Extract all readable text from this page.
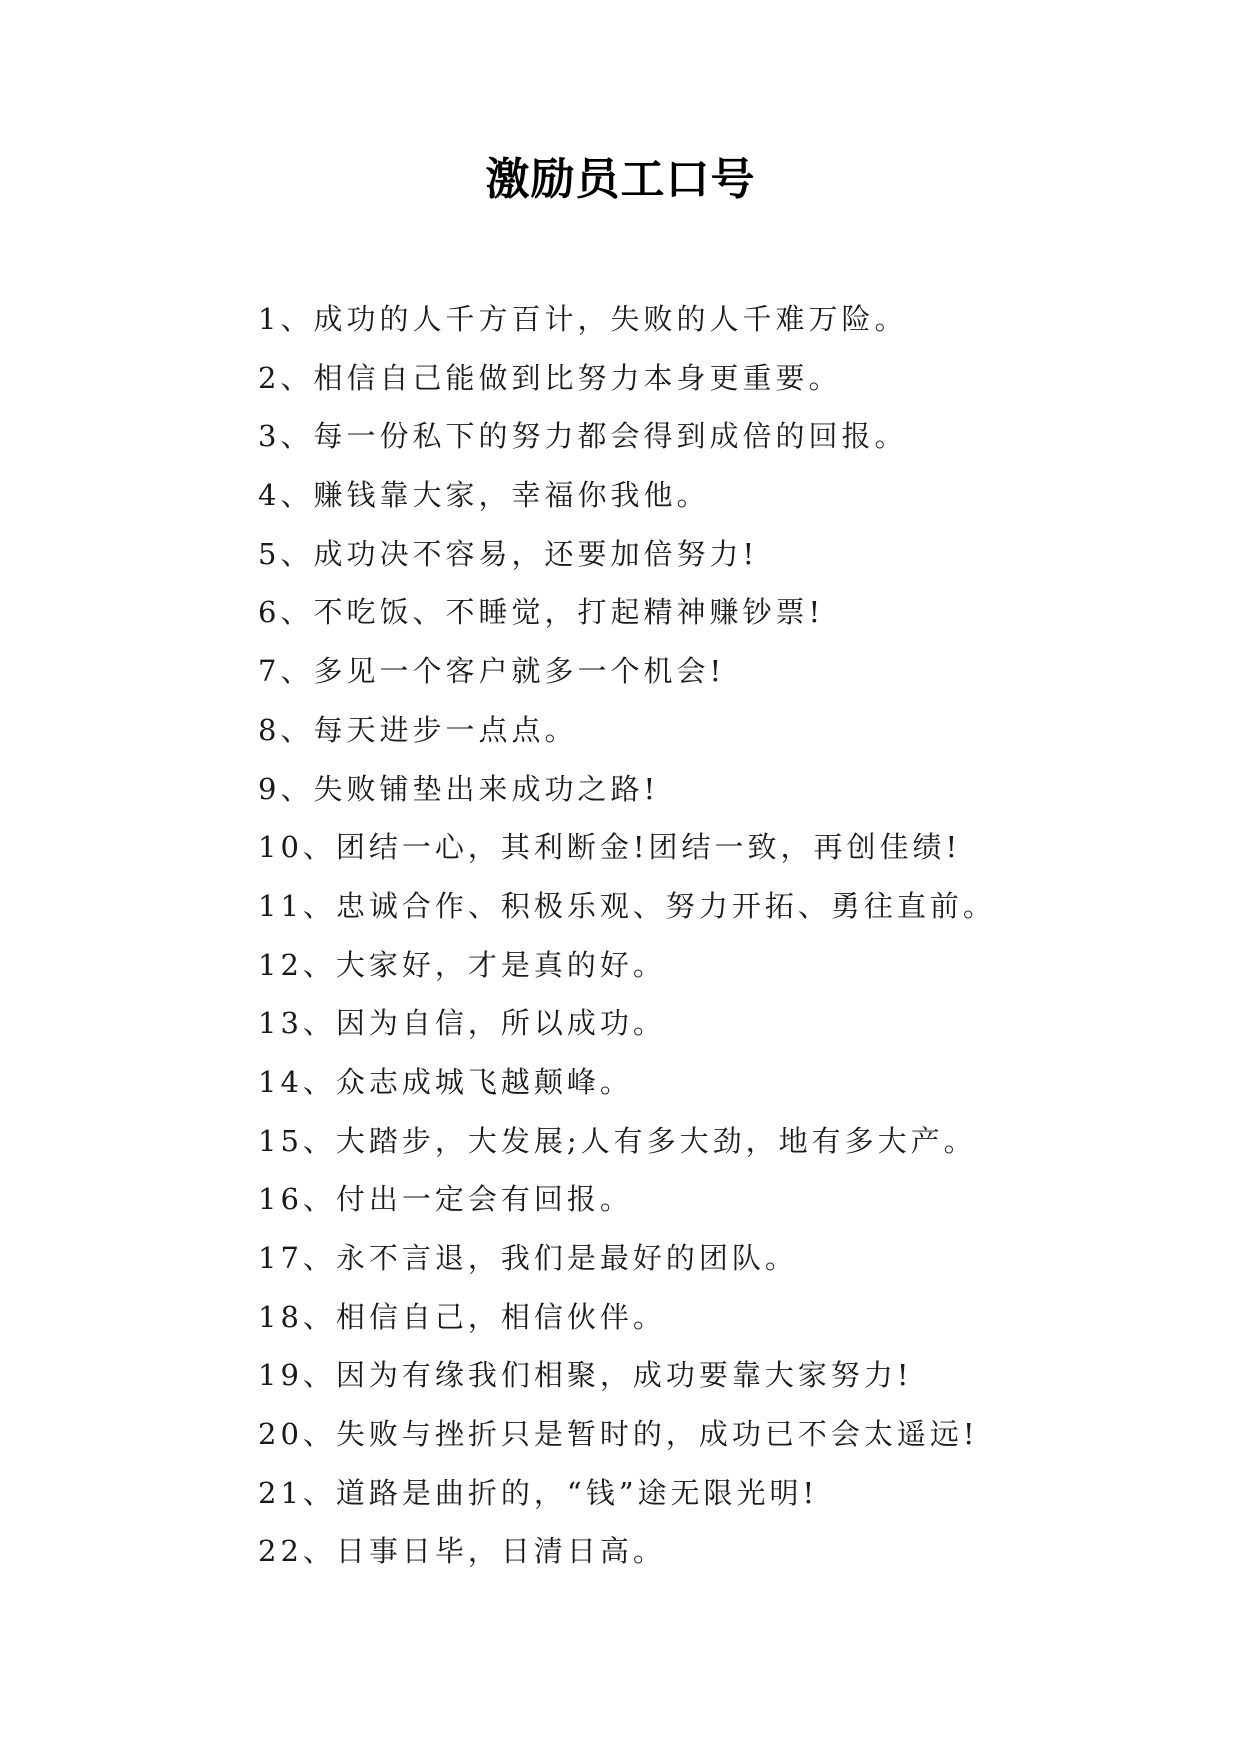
激励员工口号
1、成功的人千方百计，失败的人千难万险。
2、相信自己能做到比努力本身更重要。
3、每一份私下的努力都会得到成倍的回报。
4、赚钱靠大家，幸福你我他。
5、成功决不容易，还要加倍努力!
6、不吃饭、不睡觉，打起精神赚钞票!
7、多见一个客户就多一个机会!
8、每天进步一点点。
9、失败铺垫出来成功之路!
10、团结一心，其利断金!团结一致，再创佳绩!
11、忠诚合作、积极乐观、努力开拓、勇往直前。
12、大家好，才是真的好。
13、因为自信，所以成功。
14、众志成城飞越颠峰。
15、大踏步，大发展;人有多大劲，地有多大产。
16、付出一定会有回报。
17、永不言退，我们是最好的团队。
18、相信自己，相信伙伴。
19、因为有缘我们相聚，成功要靠大家努力!
20、失败与挫折只是暂时的，成功已不会太遥远!
21、道路是曲折的，“钱”途无限光明!
22、日事日毕，日清日高。
